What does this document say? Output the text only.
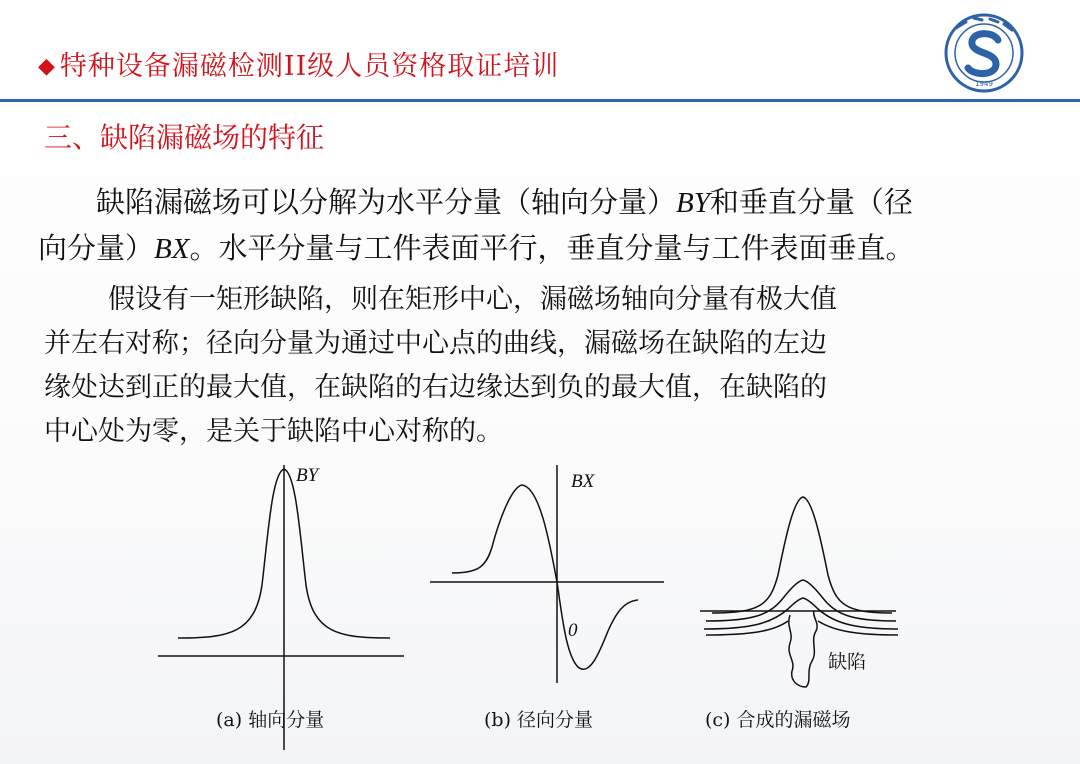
◆ 特种设备漏磁检测II级人员资格取证培训
1949
三、缺陷漏磁场的特征
缺陷漏磁场可以分解为水平分量（轴向分量）BY和垂直分量（径
向分量）BX。水平分量与工件表面平行，垂直分量与工件表面垂直。
假设有一矩形缺陷，则在矩形中心，漏磁场轴向分量有极大值
并左右对称；径向分量为通过中心点的曲线，漏磁场在缺陷的左边
缘处达到正的最大值，在缺陷的右边缘达到负的最大值，在缺陷的
中心处为零，是关于缺陷中心对称的。
BY	BX
0
缺陷
(a) 轴向分量	(b) 径向分量	(c) 合成的漏磁场
